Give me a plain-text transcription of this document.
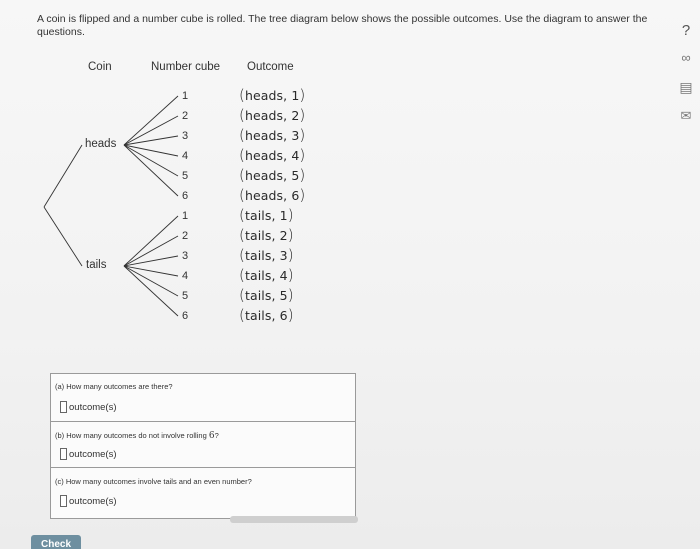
A coin is flipped and a number cube is rolled. The tree diagram below shows the possible outcomes. Use the diagram to answer the questions.
Coin	Number cube Outcome
heads
tails
1
2
3
4
5
6
1
2
3
4
5
6
(heads, 1)
(heads, 2)
(heads, 3)
(heads, 4)
(heads, 5)
(heads, 6)
(tails, 1)
(tails, 2)
(tails, 3)
(tails, 4)
(tails, 5)
(tails, 6)
(a) How many outcomes are there?
outcome(s)
(b) How many outcomes do not involve rolling 6?
outcome(s)
(c) How many outcomes involve tails and an even number?
outcome(s)
Check
?
∞
▤
✉
